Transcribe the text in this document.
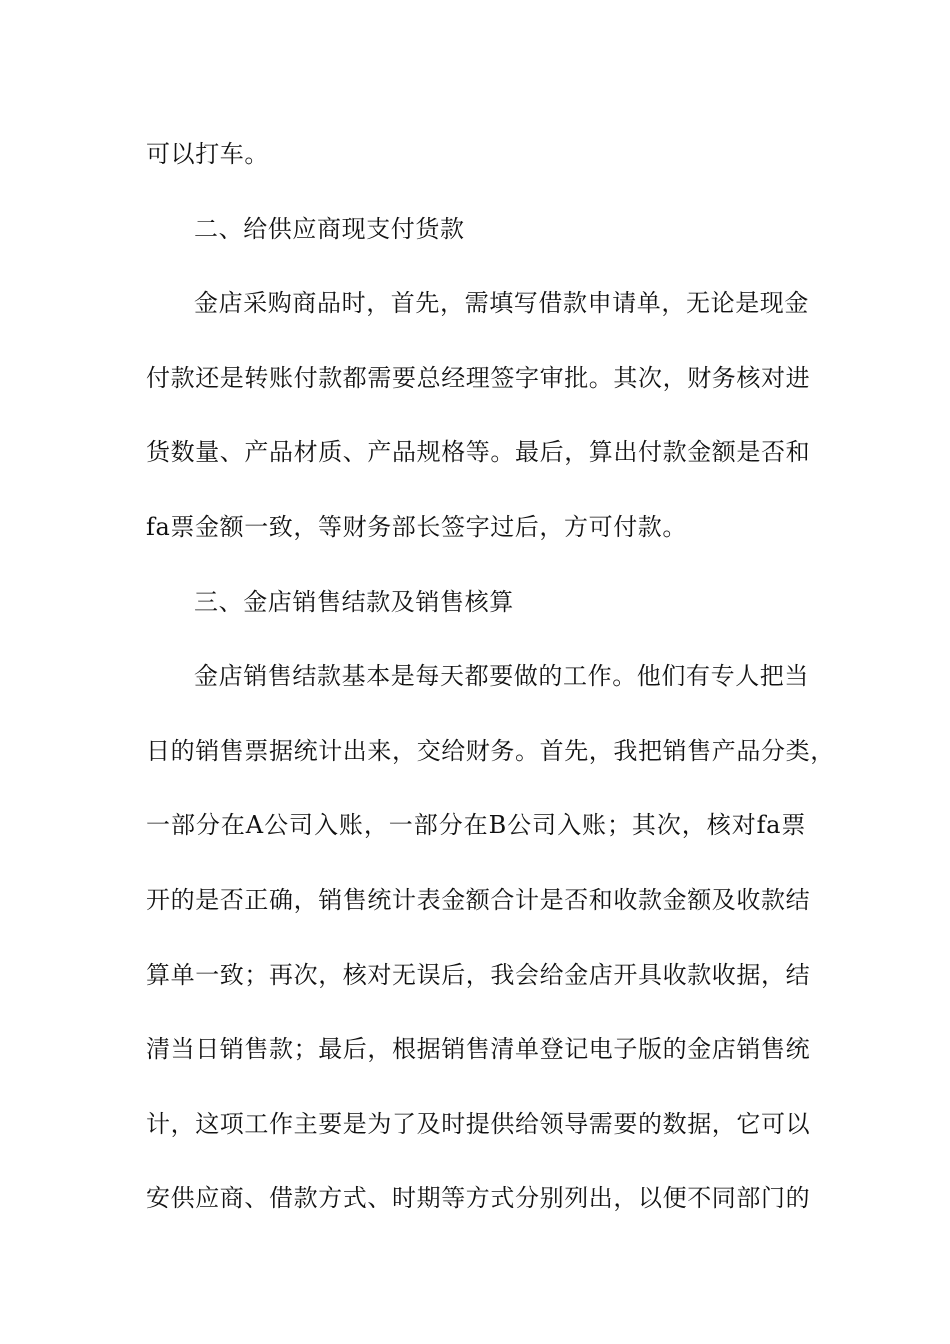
可以打车。
二、给供应商现支付货款
金店采购商品时，首先，需填写借款申请单，无论是现金
付款还是转账付款都需要总经理签字审批。其次，财务核对进
货数量、产品材质、产品规格等。最后，算出付款金额是否和
fa票金额一致，等财务部长签字过后，方可付款。
三、金店销售结款及销售核算
金店销售结款基本是每天都要做的工作。他们有专人把当
日的销售票据统计出来，交给财务。首先，我把销售产品分类，
一部分在A公司入账，一部分在B公司入账；其次，核对fa票
开的是否正确，销售统计表金额合计是否和收款金额及收款结
算单一致；再次，核对无误后，我会给金店开具收款收据，结
清当日销售款；最后，根据销售清单登记电子版的金店销售统
计，这项工作主要是为了及时提供给领导需要的数据，它可以
安供应商、借款方式、时期等方式分别列出，以便不同部门的
